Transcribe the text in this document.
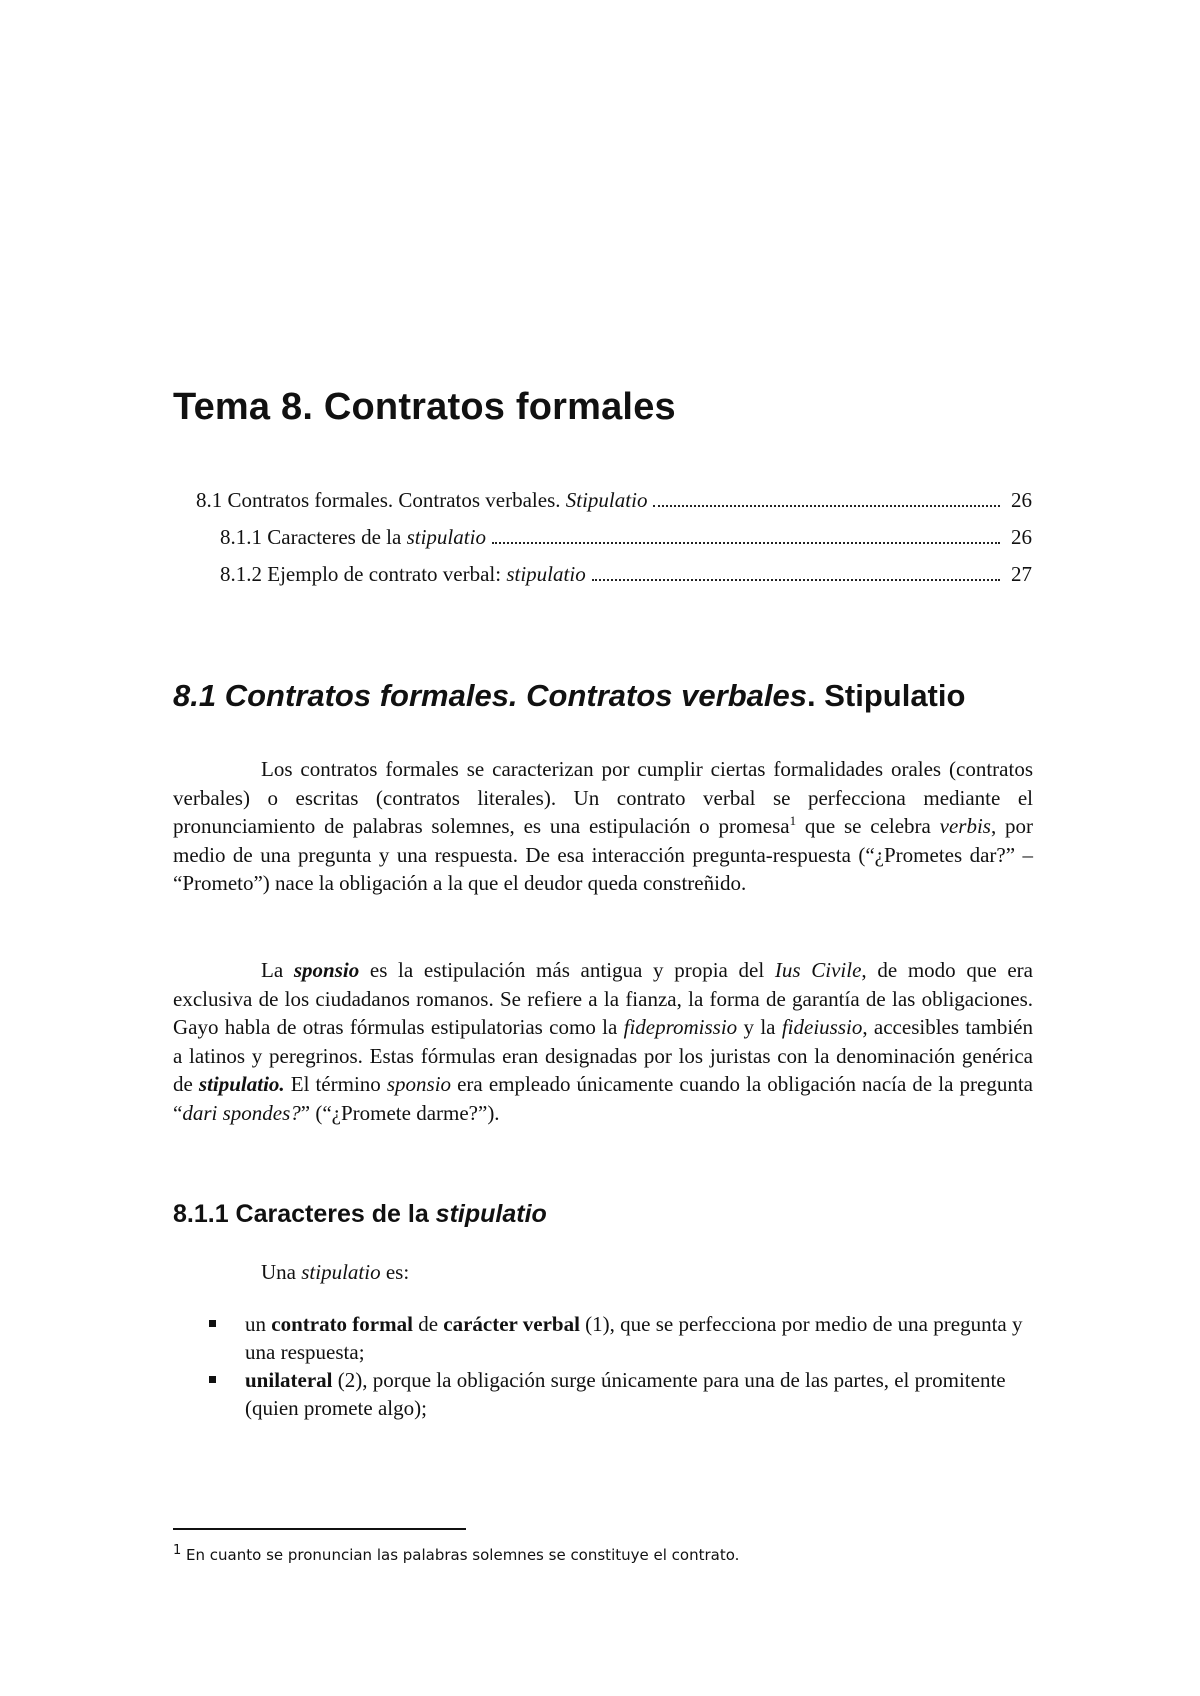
Tema 8. Contratos formales
8.1 Contratos formales. Contratos verbales. Stipulatio	26
8.1.1 Caracteres de la stipulatio	26
8.1.2 Ejemplo de contrato verbal: stipulatio	27
8.1 Contratos formales. Contratos verbales. Stipulatio

Los contratos formales se caracterizan por cumplir ciertas formalidades orales (contratos verbales) o escritas (contratos literales). Un contrato verbal se perfecciona mediante el pronunciamiento de palabras solemnes, es una estipulación o promesa$^1$ que se celebra verbis, por medio de una pregunta y una respuesta. De esa interacción pregunta-respuesta (“¿Prometes dar?” – “Prometo”) nace la obligación a la que el deudor queda constreñido.

La sponsio es la estipulación más antigua y propia del Ius Civile, de modo que era exclusiva de los ciudadanos romanos. Se refiere a la fianza, la forma de garantía de las obligaciones. Gayo habla de otras fórmulas estipulatorias como la fidepromissio y la fideiussio, accesibles también a latinos y peregrinos. Estas fórmulas eran designadas por los juristas con la denominación genérica de stipulatio. El término sponsio era empleado únicamente cuando la obligación nacía de la pregunta “dari spondes?” (“¿Promete darme?”).

8.1.1 Caracteres de la stipulatio

Una stipulatio es:

un contrato formal de carácter verbal (1), que se perfecciona por medio de una pregunta y una respuesta;
unilateral (2), porque la obligación surge únicamente para una de las partes, el promitente (quien promete algo);
$^1$ En cuanto se pronuncian las palabras solemnes se constituye el contrato.
